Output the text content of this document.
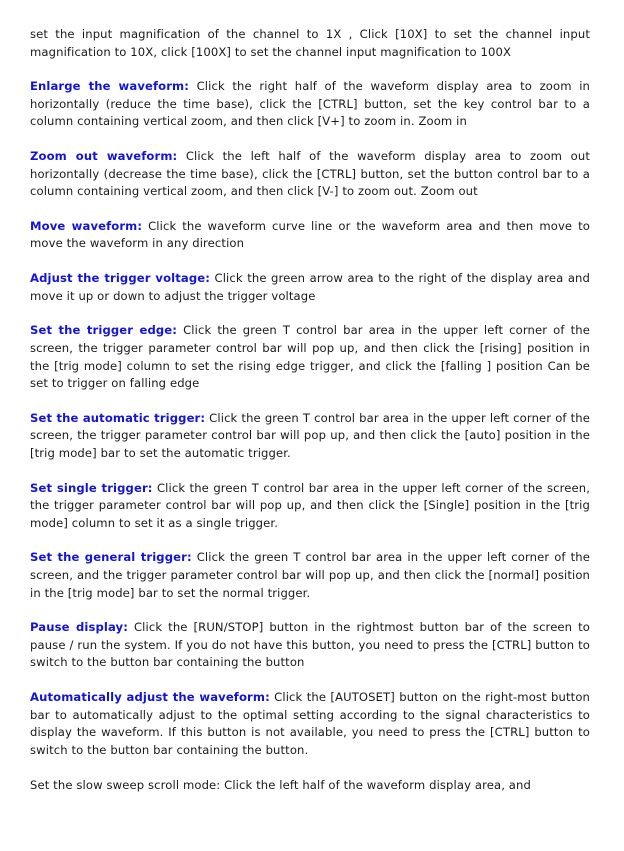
set the input magnification of the channel to 1X , Click [10X] to set the channel input magnification to 10X, click [100X] to set the channel input magnification to 100X

Enlarge the waveform: Click the right half of the waveform display area to zoom in horizontally (reduce the time base), click the [CTRL] button, set the key control bar to a column containing vertical zoom, and then click [V+] to zoom in. Zoom in

Zoom out waveform: Click the left half of the waveform display area to zoom out horizontally (decrease the time base), click the [CTRL] button, set the button control bar to a column containing vertical zoom, and then click [V-] to zoom out. Zoom out

Move waveform: Click the waveform curve line or the waveform area and then move to move the waveform in any direction

Adjust the trigger voltage: Click the green arrow area to the right of the display area and move it up or down to adjust the trigger voltage

Set the trigger edge: Click the green T control bar area in the upper left corner of the screen, the trigger parameter control bar will pop up, and then click the [rising] position in the [trig mode] column to set the rising edge trigger, and click the [falling ] position Can be set to trigger on falling edge

Set the automatic trigger: Click the green T control bar area in the upper left corner of the screen, the trigger parameter control bar will pop up, and then click the [auto] position in the [trig mode] bar to set the automatic trigger.

Set single trigger: Click the green T control bar area in the upper left corner of the screen, the trigger parameter control bar will pop up, and then click the [Single] position in the [trig mode] column to set it as a single trigger.

Set the general trigger: Click the green T control bar area in the upper left corner of the screen, and the trigger parameter control bar will pop up, and then click the [normal] position in the [trig mode] bar to set the normal trigger.

Pause display: Click the [RUN/STOP] button in the rightmost button bar of the screen to pause / run the system. If you do not have this button, you need to press the [CTRL] button to switch to the button bar containing the button

Automatically adjust the waveform: Click the [AUTOSET] button on the right-most button bar to automatically adjust to the optimal setting according to the signal characteristics to display the waveform. If this button is not available, you need to press the [CTRL] button to switch to the button bar containing the button.

Set the slow sweep scroll mode: Click the left half of the waveform display area, and
